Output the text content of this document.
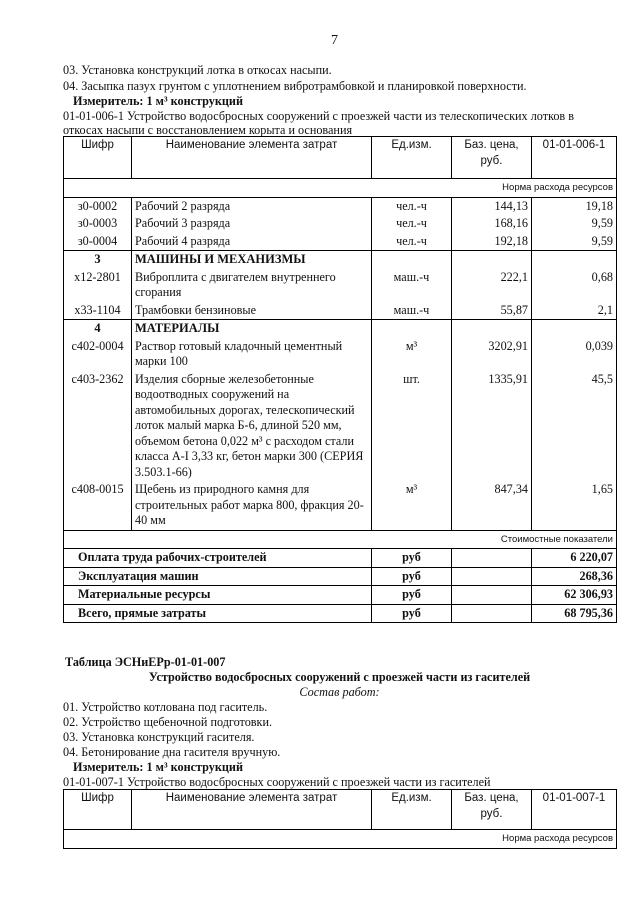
7
03. Установка конструкций лотка в откосах насыпи.
04. Засыпка пазух грунтом с уплотнением вибротрамбовкой и планировкой поверхности.
Измеритель: 1 м³ конструкций
01-01-006-1 Устройство водосбросных сооружений с проезжей части из телескопических лотков в
откосах насыпи с восстановлением корыта и основания
Шифр	Наименование элемента затрат	Ед.изм.	Баз. цена, руб.	01-01-006-1
Норма расхода ресурсов				
з0-0002	Рабочий 2 разряда	чел.-ч	144,13	19,18
з0-0003	Рабочий 3 разряда	чел.-ч	168,16	9,59
з0-0004	Рабочий 4 разряда	чел.-ч	192,18	9,59
3	МАШИНЫ И МЕХАНИЗМЫ			
х12-2801	Виброплита с двигателем внутреннего сгорания	маш.-ч	222,1	0,68
х33-1104	Трамбовки бензиновые	маш.-ч	55,87	2,1
4	МАТЕРИАЛЫ			
с402-0004	Раствор готовый кладочный цементный марки 100	м³	3202,91	0,039
с403-2362	Изделия сборные железобетонные водоотводных сооружений на автомобильных дорогах, телескопический лоток малый марка Б-6, длиной 520 мм, объемом бетона 0,022 м³ с расходом стали класса А-I 3,33 кг, бетон марки 300 (СЕРИЯ 3.503.1-66)	шт.	1335,91	45,5
с408-0015	Щебень из природного камня для строительных работ марка 800, фракция 20-40 мм	м³	847,34	1,65
Стоимостные показатели				
Оплата труда рабочих-строителей		руб		6 220,07
Эксплуатация машин		руб		268,36
Материальные ресурсы		руб		62 306,93
Всего, прямые затраты		руб		68 795,36
Таблица ЭСНиЕРр-01-01-007
Устройство водосбросных сооружений с проезжей части из гасителей
Состав работ:
01. Устройство котлована под гаситель.
02. Устройство щебеночной подготовки.
03. Установка конструкций гасителя.
04. Бетонирование дна гасителя вручную.
Измеритель: 1 м³ конструкций
01-01-007-1 Устройство водосбросных сооружений с проезжей части из гасителей
Шифр	Наименование элемента затрат	Ед.изм.	Баз. цена, руб.	01-01-007-1
Норма расхода ресурсов
